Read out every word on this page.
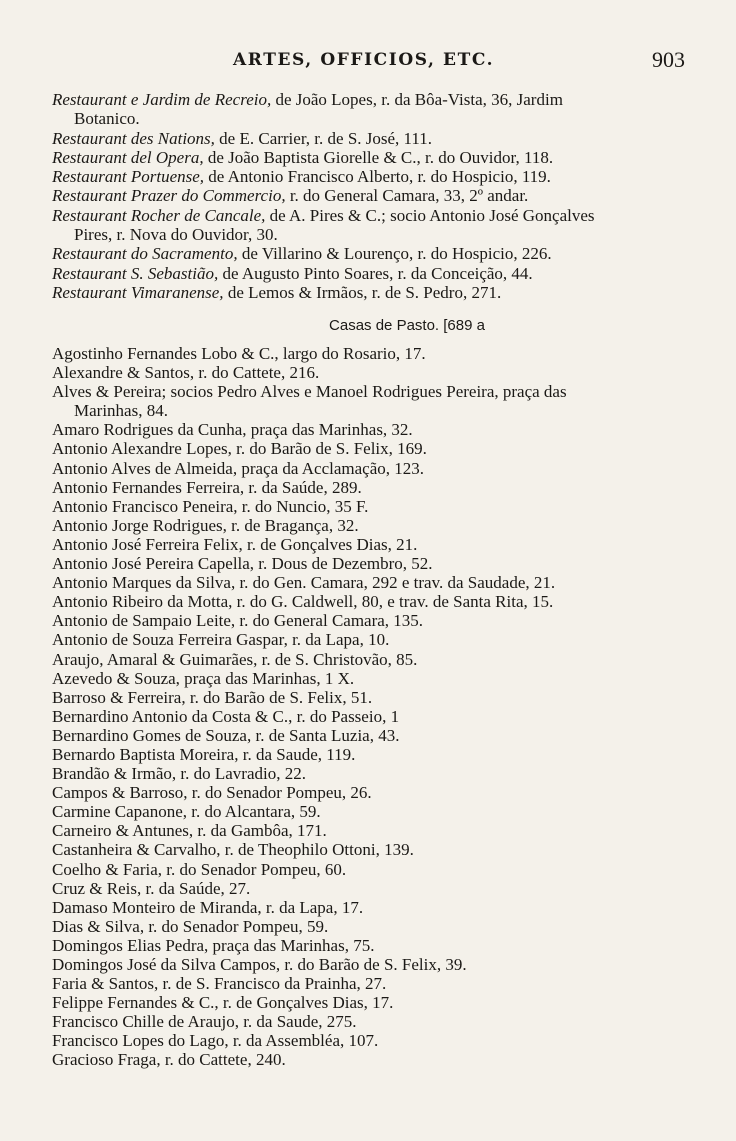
ARTES, OFFICIOS, ETC.	903

Restaurant e Jardim de Recreio, de João Lopes, r. da Bôa-Vista, 36, Jardim
Botanico.

Restaurant des Nations, de E. Carrier, r. de S. José, 111.

Restaurant del Opera, de João Baptista Giorelle & C., r. do Ouvidor, 118.

Restaurant Portuense, de Antonio Francisco Alberto, r. do Hospicio, 119.

Restaurant Prazer do Commercio, r. do General Camara, 33, 2º andar.

Restaurant Rocher de Cancale, de A. Pires & C.; socio Antonio José Gonçalves
Pires, r. Nova do Ouvidor, 30.

Restaurant do Sacramento, de Villarino & Lourenço, r. do Hospicio, 226.

Restaurant S. Sebastião, de Augusto Pinto Soares, r. da Conceição, 44.

Restaurant Vimaranense, de Lemos & Irmãos, r. de S. Pedro, 271.

Casas de Pasto. [689 a

Agostinho Fernandes Lobo & C., largo do Rosario, 17.

Alexandre & Santos, r. do Cattete, 216.

Alves & Pereira; socios Pedro Alves e Manoel Rodrigues Pereira, praça das
Marinhas, 84.

Amaro Rodrigues da Cunha, praça das Marinhas, 32.

Antonio Alexandre Lopes, r. do Barão de S. Felix, 169.

Antonio Alves de Almeida, praça da Acclamação, 123.

Antonio Fernandes Ferreira, r. da Saúde, 289.

Antonio Francisco Peneira, r. do Nuncio, 35 F.

Antonio Jorge Rodrigues, r. de Bragança, 32.

Antonio José Ferreira Felix, r. de Gonçalves Dias, 21.

Antonio José Pereira Capella, r. Dous de Dezembro, 52.

Antonio Marques da Silva, r. do Gen. Camara, 292 e trav. da Saudade, 21.

Antonio Ribeiro da Motta, r. do G. Caldwell, 80, e trav. de Santa Rita, 15.

Antonio de Sampaio Leite, r. do General Camara, 135.

Antonio de Souza Ferreira Gaspar, r. da Lapa, 10.

Araujo, Amaral & Guimarães, r. de S. Christovão, 85.

Azevedo & Souza, praça das Marinhas, 1 X.

Barroso & Ferreira, r. do Barão de S. Felix, 51.

Bernardino Antonio da Costa & C., r. do Passeio, 1

Bernardino Gomes de Souza, r. de Santa Luzia, 43.

Bernardo Baptista Moreira, r. da Saude, 119.

Brandão & Irmão, r. do Lavradio, 22.

Campos & Barroso, r. do Senador Pompeu, 26.

Carmine Capanone, r. do Alcantara, 59.

Carneiro & Antunes, r. da Gambôa, 171.

Castanheira & Carvalho, r. de Theophilo Ottoni, 139.

Coelho & Faria, r. do Senador Pompeu, 60.

Cruz & Reis, r. da Saúde, 27.

Damaso Monteiro de Miranda, r. da Lapa, 17.

Dias & Silva, r. do Senador Pompeu, 59.

Domingos Elias Pedra, praça das Marinhas, 75.

Domingos José da Silva Campos, r. do Barão de S. Felix, 39.

Faria & Santos, r. de S. Francisco da Prainha, 27.

Felippe Fernandes & C., r. de Gonçalves Dias, 17.

Francisco Chille de Araujo, r. da Saude, 275.

Francisco Lopes do Lago, r. da Assembléa, 107.

Gracioso Fraga, r. do Cattete, 240.
